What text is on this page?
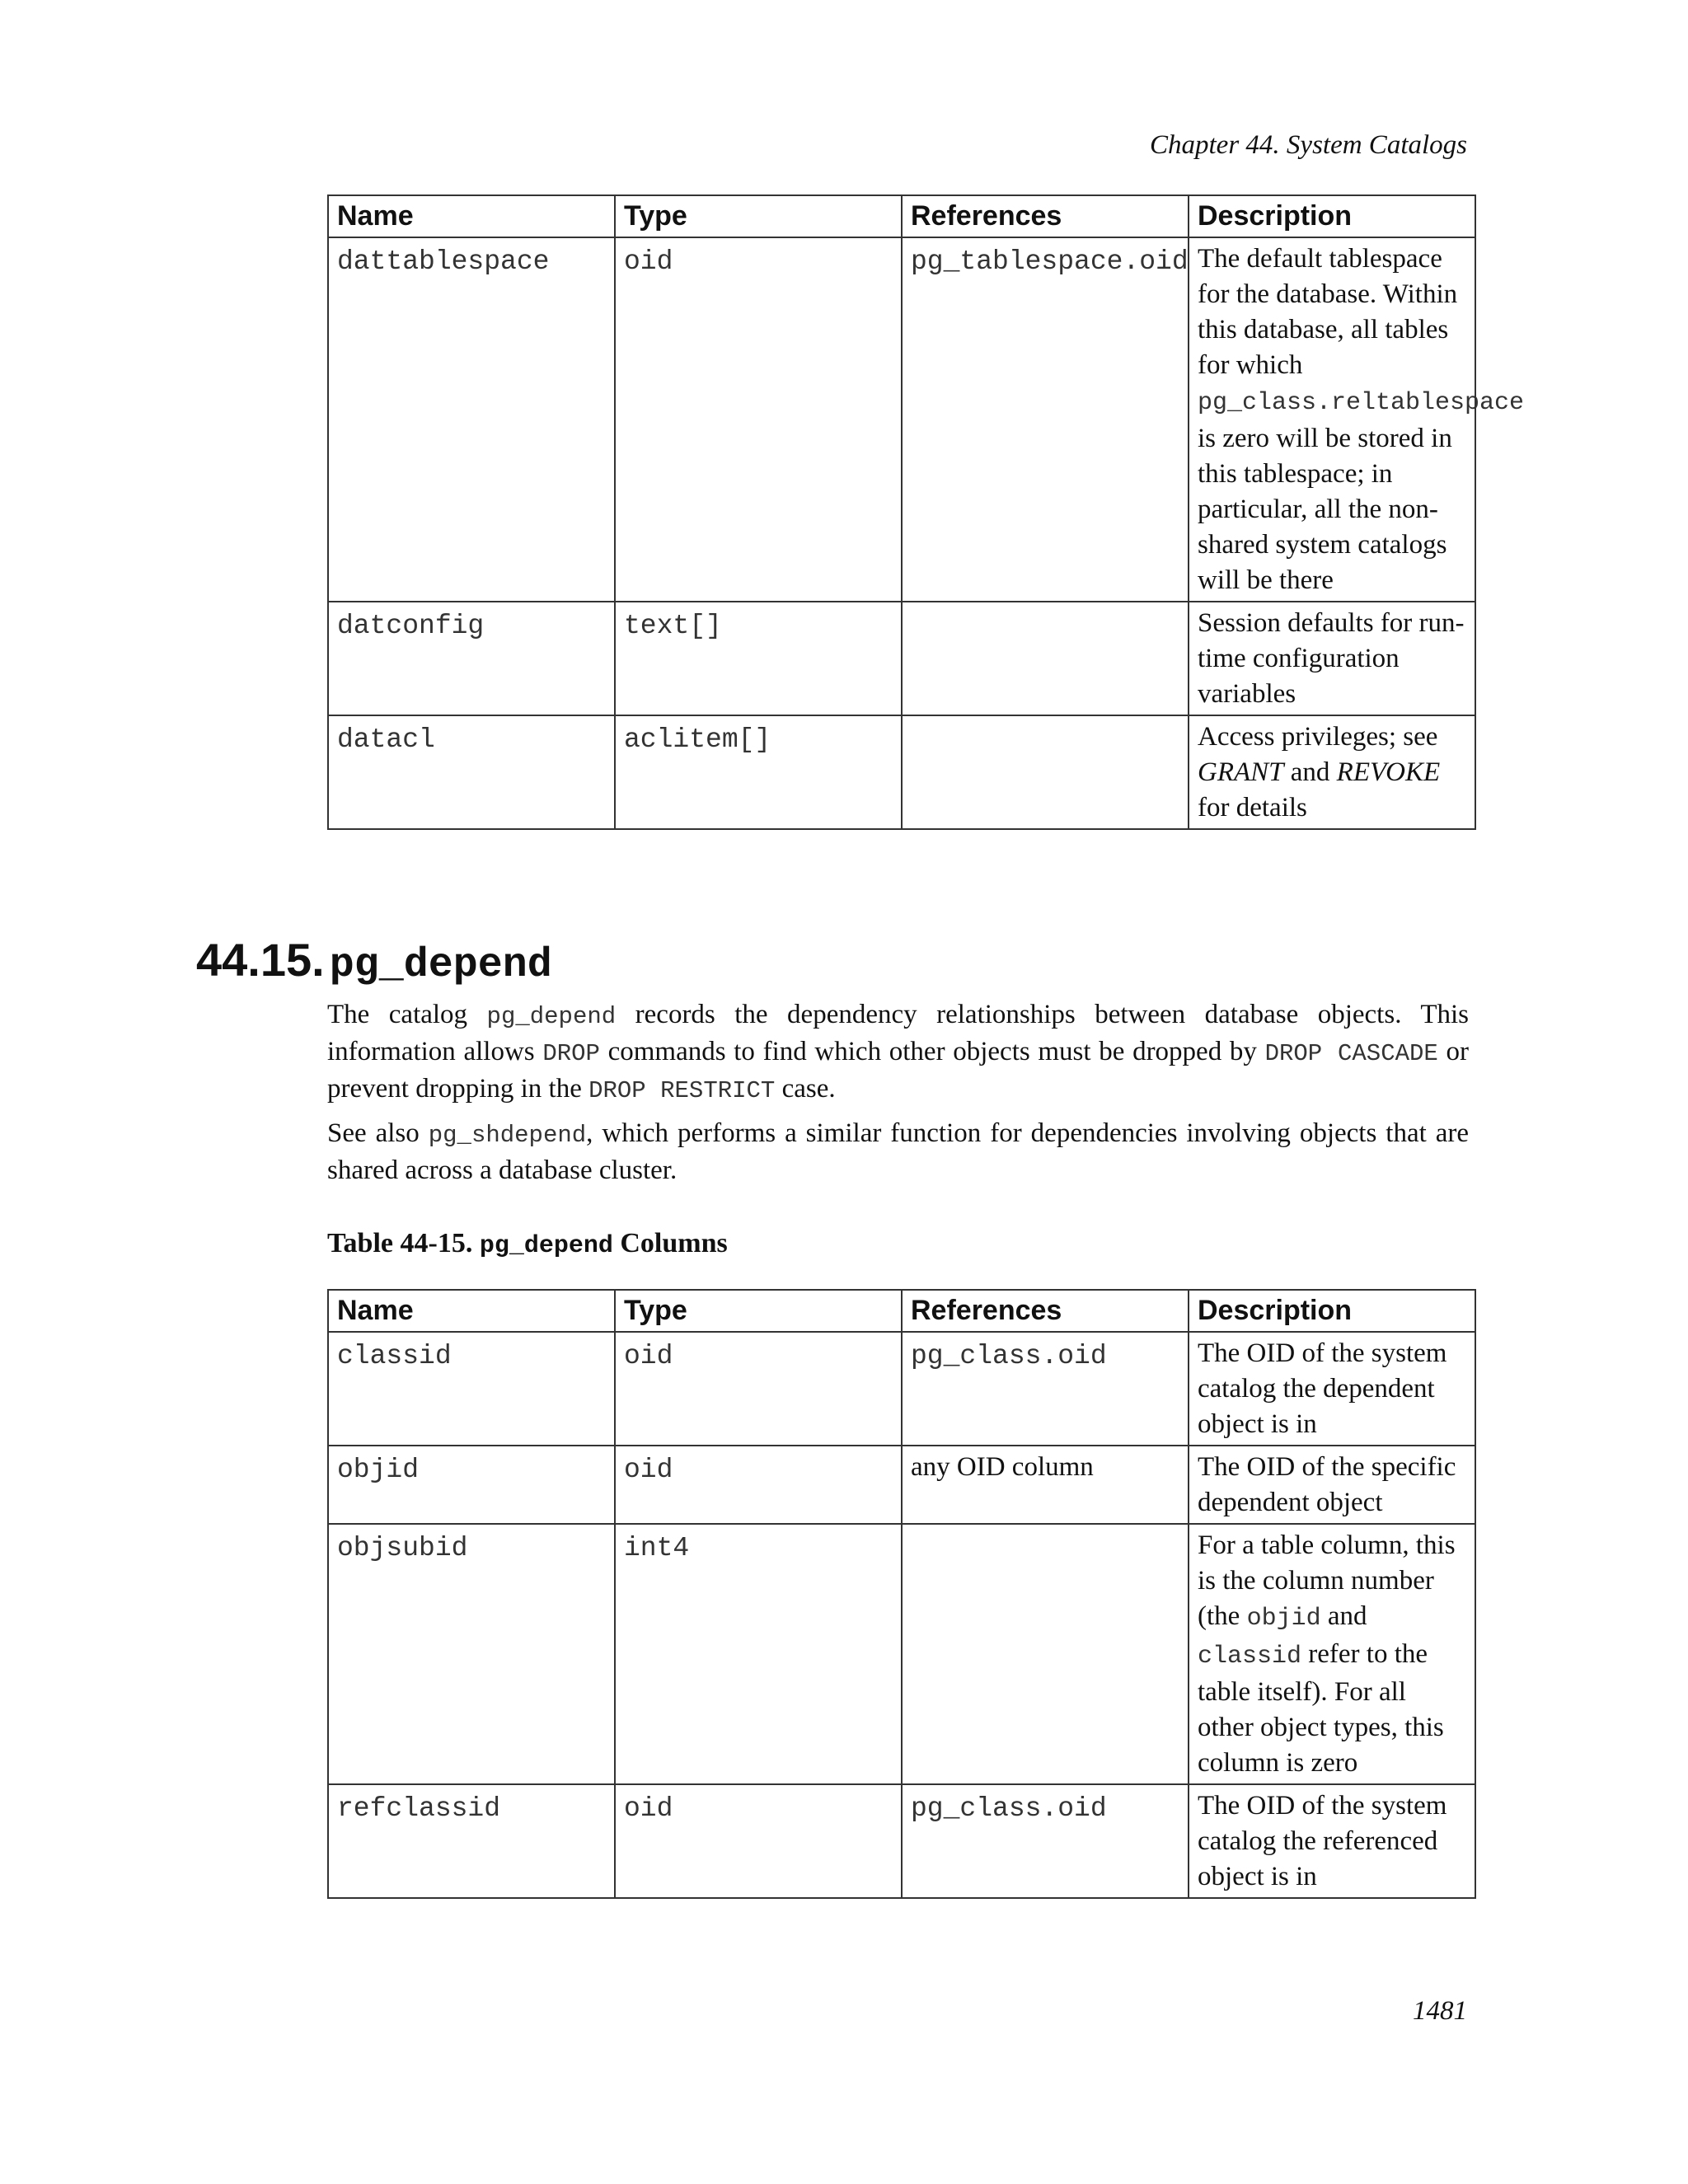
Chapter 44. System Catalogs
Name	Type	References	Description
dattablespace	oid	pg_tablespace.oid	The default tablespace for the database. Within this database, all tables for which pg_class.reltablespace is zero will be stored in this tablespace; in particular, all the non-shared system catalogs will be there
datconfig	text[]		Session defaults for run-time configuration variables
datacl	aclitem[]		Access privileges; see GRANT and REVOKE for details
44.15. pg_depend

The catalog pg_depend records the dependency relationships between database objects. This information allows DROP commands to find which other objects must be dropped by DROP CASCADE or prevent dropping in the DROP RESTRICT case.

See also pg_shdepend, which performs a similar function for dependencies involving objects that are shared across a database cluster.

Table 44-15. pg_depend Columns
Name	Type	References	Description
classid	oid	pg_class.oid	The OID of the system catalog the dependent object is in
objid	oid	any OID column	The OID of the specific dependent object
objsubid	int4		For a table column, this is the column number (the objid and classid refer to the table itself). For all other object types, this column is zero
refclassid	oid	pg_class.oid	The OID of the system catalog the referenced object is in
1481
